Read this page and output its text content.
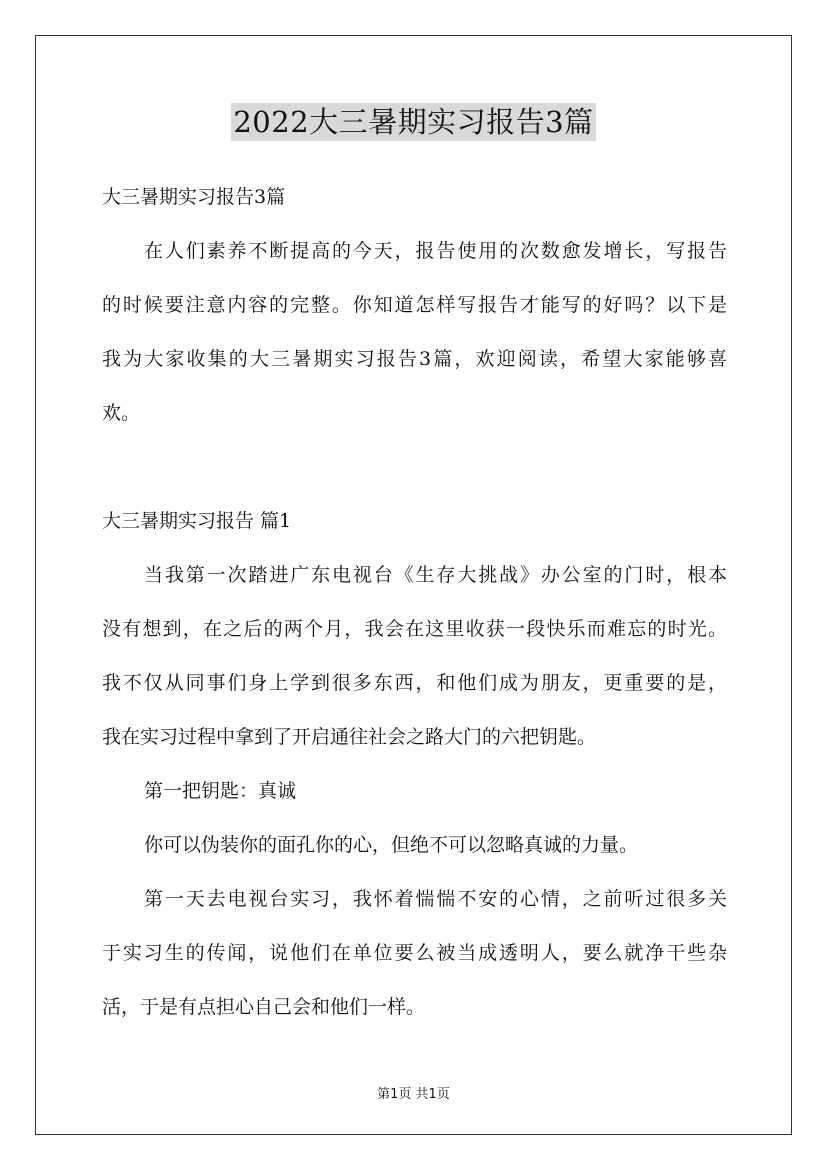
2022大三暑期实习报告3篇
大三暑期实习报告3篇
在人们素养不断提高的今天，报告使用的次数愈发增长，写报告
的时候要注意内容的完整。你知道怎样写报告才能写的好吗？以下是
我为大家收集的大三暑期实习报告3篇，欢迎阅读，希望大家能够喜
欢。
大三暑期实习报告 篇1
当我第一次踏进广东电视台《生存大挑战》办公室的门时，根本
没有想到，在之后的两个月，我会在这里收获一段快乐而难忘的时光。
我不仅从同事们身上学到很多东西，和他们成为朋友，更重要的是，
我在实习过程中拿到了开启通往社会之路大门的六把钥匙。
第一把钥匙：真诚
你可以伪装你的面孔你的心，但绝不可以忽略真诚的力量。
第一天去电视台实习，我怀着惴惴不安的心情，之前听过很多关
于实习生的传闻，说他们在单位要么被当成透明人，要么就净干些杂
活，于是有点担心自己会和他们一样。
第1页 共1页
